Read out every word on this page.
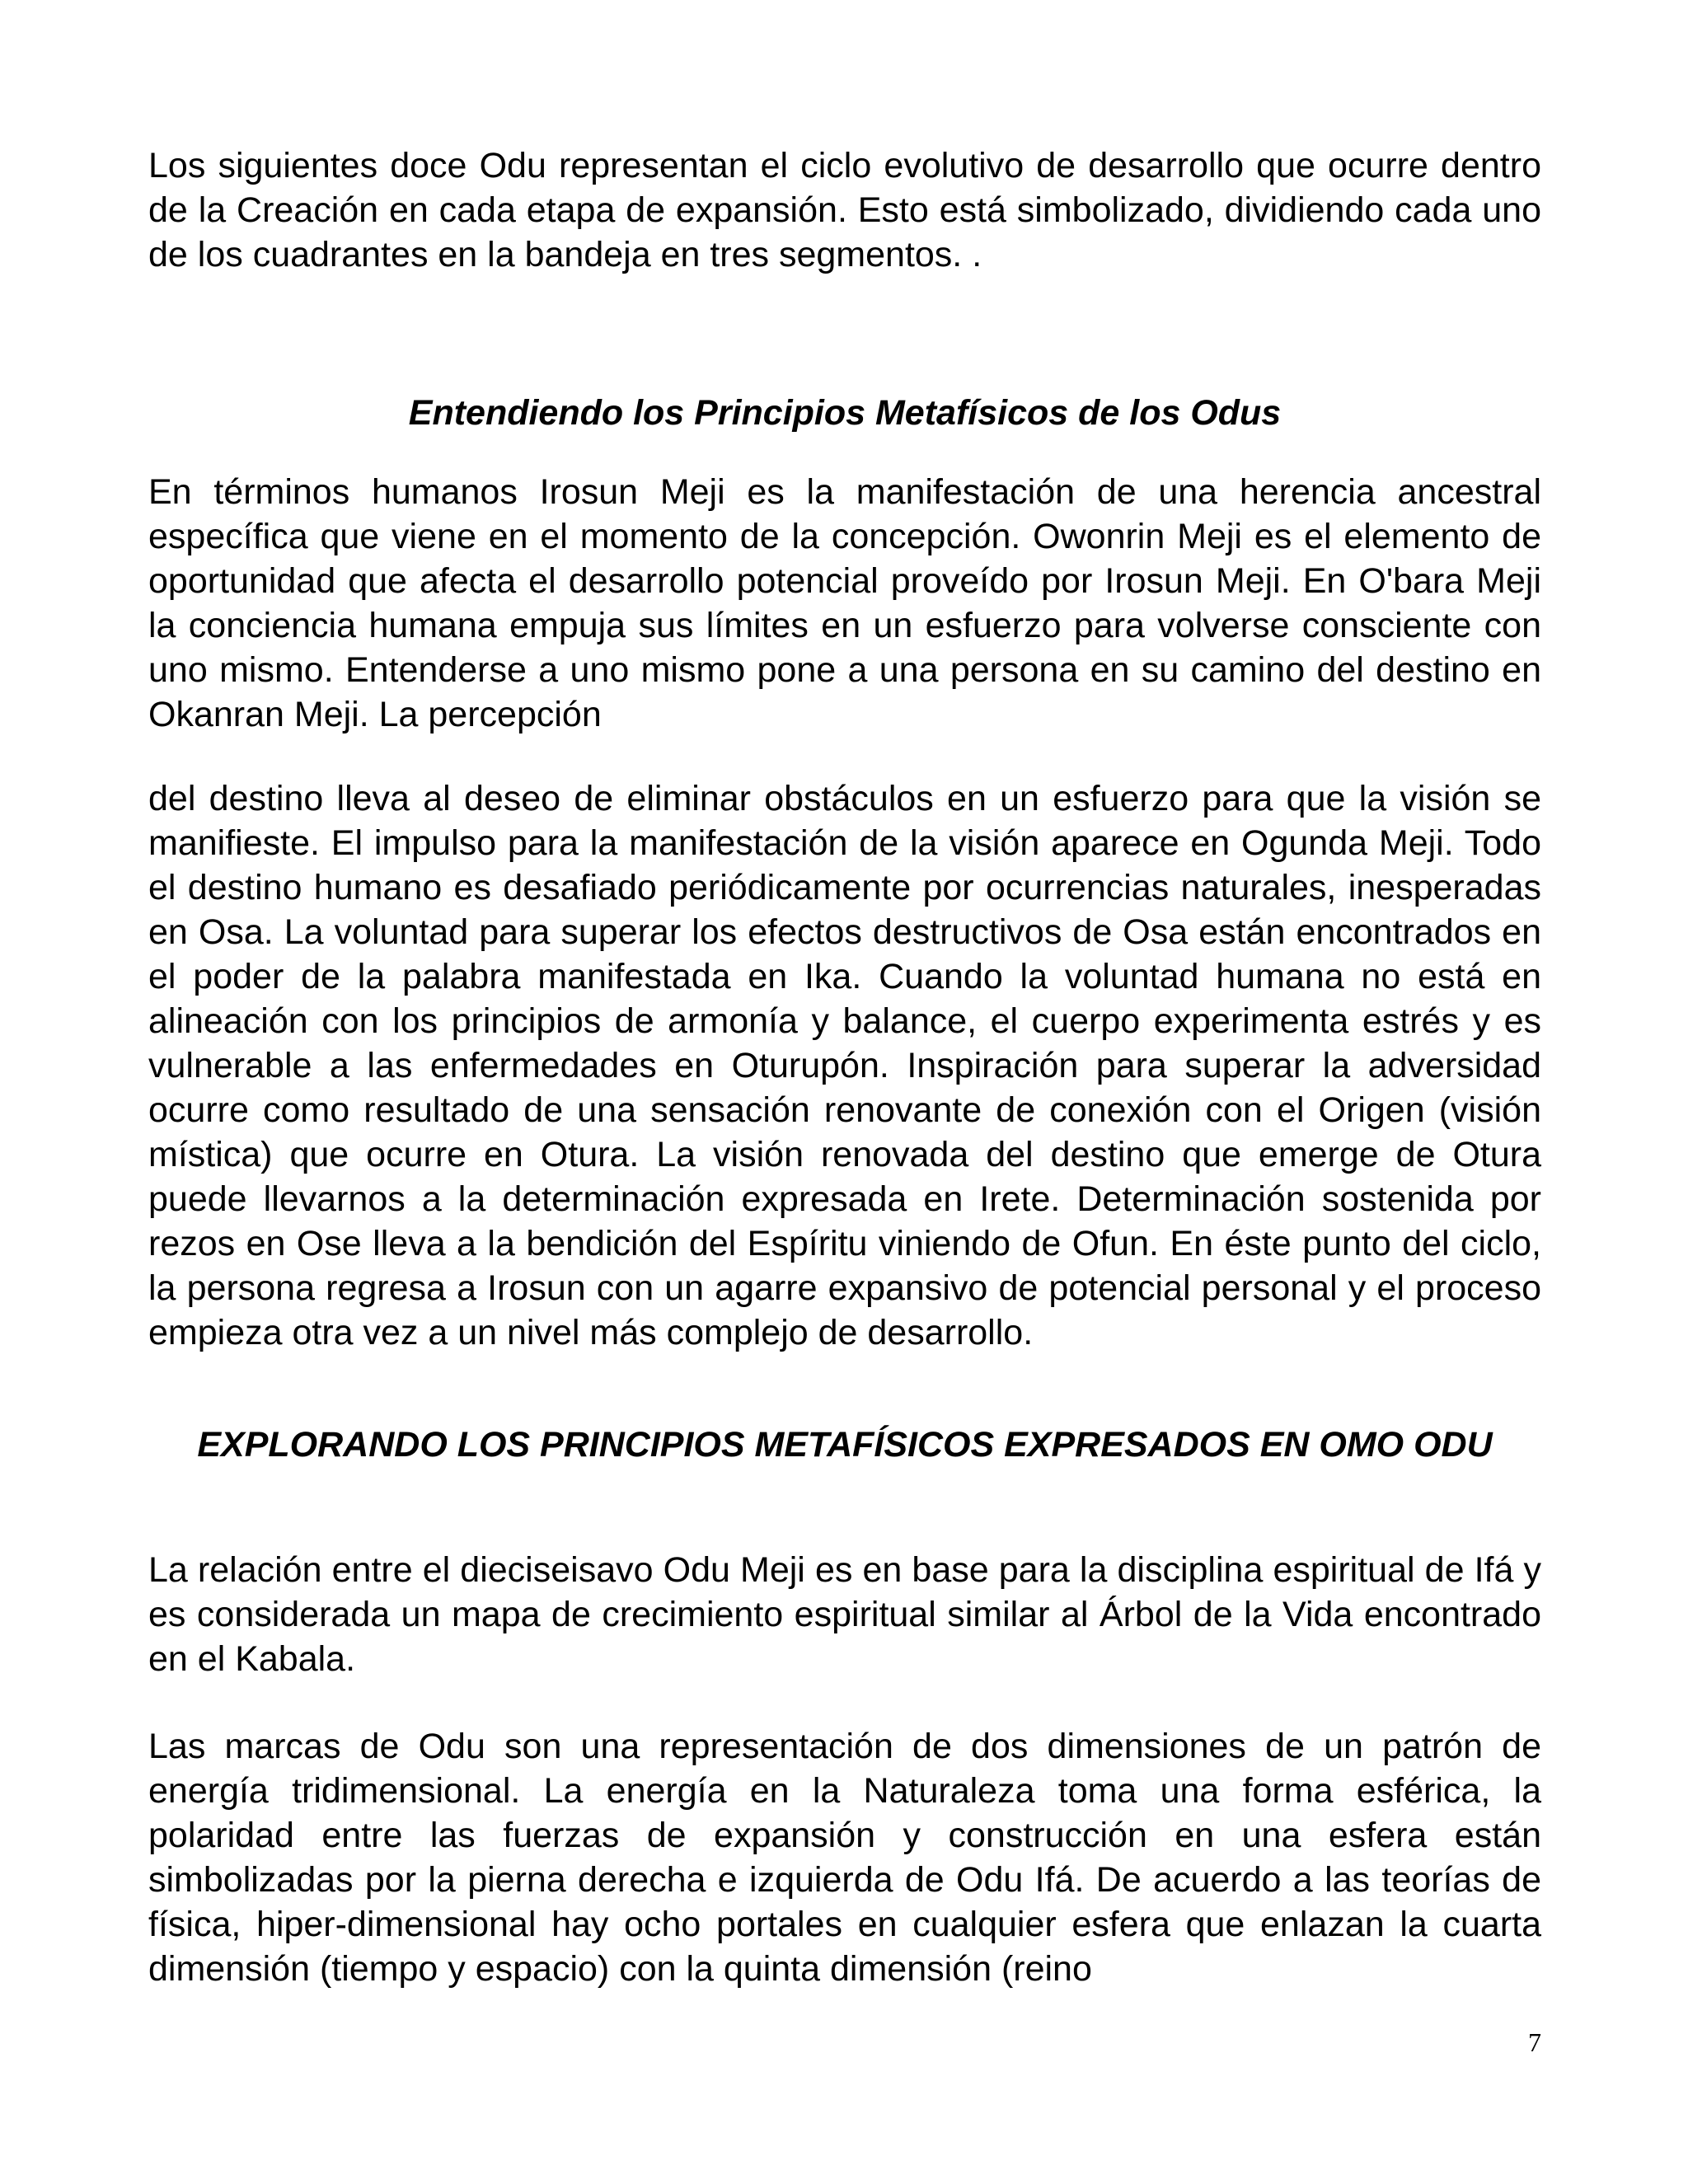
Los siguientes doce Odu representan el ciclo evolutivo de desarrollo que ocurre dentro de la Creación en cada etapa de expansión. Esto está simbolizado, dividiendo cada uno de los cuadrantes en la bandeja en tres segmentos. .

Entendiendo los Principios Metafísicos de los Odus

En términos humanos Irosun Meji es la manifestación de una herencia ancestral específica que viene en el momento de la concepción. Owonrin Meji es el elemento de oportunidad que afecta el desarrollo potencial proveído por Irosun Meji. En O'bara Meji la conciencia humana empuja sus límites en un esfuerzo para volverse consciente con uno mismo. Entenderse a uno mismo pone a una persona en su camino del destino en Okanran Meji. La percepción

del destino lleva al deseo de eliminar obstáculos en un esfuerzo para que la visión se manifieste. El impulso para la manifestación de la visión aparece en Ogunda Meji. Todo el destino humano es desafiado periódicamente por ocurrencias naturales, inesperadas en Osa. La voluntad para superar los efectos destructivos de Osa están encontrados en el poder de la palabra manifestada en Ika. Cuando la voluntad humana no está en alineación con los principios de armonía y balance, el cuerpo experimenta estrés y es vulnerable a las enfermedades en Oturupón. Inspiración para superar la adversidad ocurre como resultado de una sensación renovante de conexión con el Origen (visión mística) que ocurre en Otura. La visión renovada del destino que emerge de Otura puede llevarnos a la determinación expresada en Irete. Determinación sostenida por rezos en Ose lleva a la bendición del Espíritu viniendo de Ofun. En éste punto del ciclo, la persona regresa a Irosun con un agarre expansivo de potencial personal y el proceso empieza otra vez a un nivel más complejo de desarrollo.

EXPLORANDO LOS PRINCIPIOS METAFÍSICOS EXPRESADOS EN OMO ODU

La relación entre el dieciseisavo Odu Meji es en base para la disciplina espiritual de Ifá y es considerada un mapa de crecimiento espiritual similar al Árbol de la Vida encontrado en el Kabala.

Las marcas de Odu son una representación de dos dimensiones de un patrón de energía tridimensional. La energía en la Naturaleza toma una forma esférica, la polaridad entre las fuerzas de expansión y construcción en una esfera están simbolizadas por la pierna derecha e izquierda de Odu Ifá. De acuerdo a las teorías de física, hiper-dimensional hay ocho portales en cualquier esfera que enlazan la cuarta dimensión (tiempo y espacio) con la quinta dimensión (reino

7
